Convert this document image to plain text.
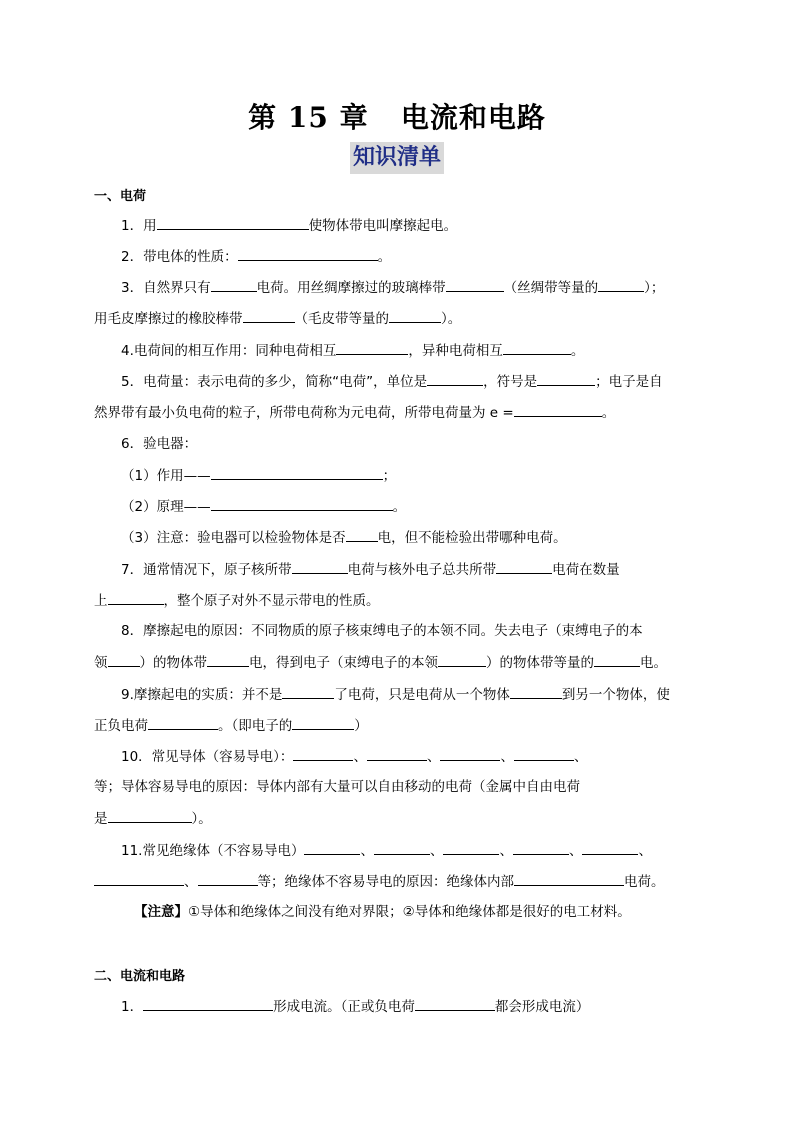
第 15 章   电流和电路
知识清单
一、电荷
1．用	使物体带电叫摩擦起电。
2．带电体的性质：	。
3．自然界只有	电荷。用丝绸摩擦过的玻璃棒带	（丝绸带等量的	）；
用毛皮摩擦过的橡胶棒带	（毛皮带等量的	）。
4.电荷间的相互作用：同种电荷相互	，异种电荷相互	。
5．电荷量：表示电荷的多少，简称“电荷”，单位是	，符号是	；电子是自
然界带有最小负电荷的粒子，所带电荷称为元电荷，所带电荷量为 e =	。
6．验电器：
（1）作用——	；
（2）原理——	。
（3）注意：验电器可以检验物体是否 电，但不能检验出带哪种电荷。
7．通常情况下，原子核所带	电荷与核外电子总共所带	电荷在数量
上	，整个原子对外不显示带电的性质。
8．摩擦起电的原因：不同物质的原子核束缚电子的本领不同。失去电子（束缚电子的本
领 ）的物体带	电，得到电子（束缚电子的本领	）的物体带等量的	电。
9.摩擦起电的实质：并不是	了电荷，只是电荷从一个物体	到另一个物体，使
正负电荷	。（即电子的	）
10．常见导体（容易导电）：	、	、	、	、
等；导体容易导电的原因：导体内部有大量可以自由移动的电荷（金属中自由电荷
是	）。
11.常见绝缘体（不容易导电）	、	、	、	、	、
、	等；绝缘体不容易导电的原因：绝缘体内部	电荷。
【注意】①导体和绝缘体之间没有绝对界限；②导体和绝缘体都是很好的电工材料。
二、电流和电路
1．	形成电流。（正或负电荷	都会形成电流）
